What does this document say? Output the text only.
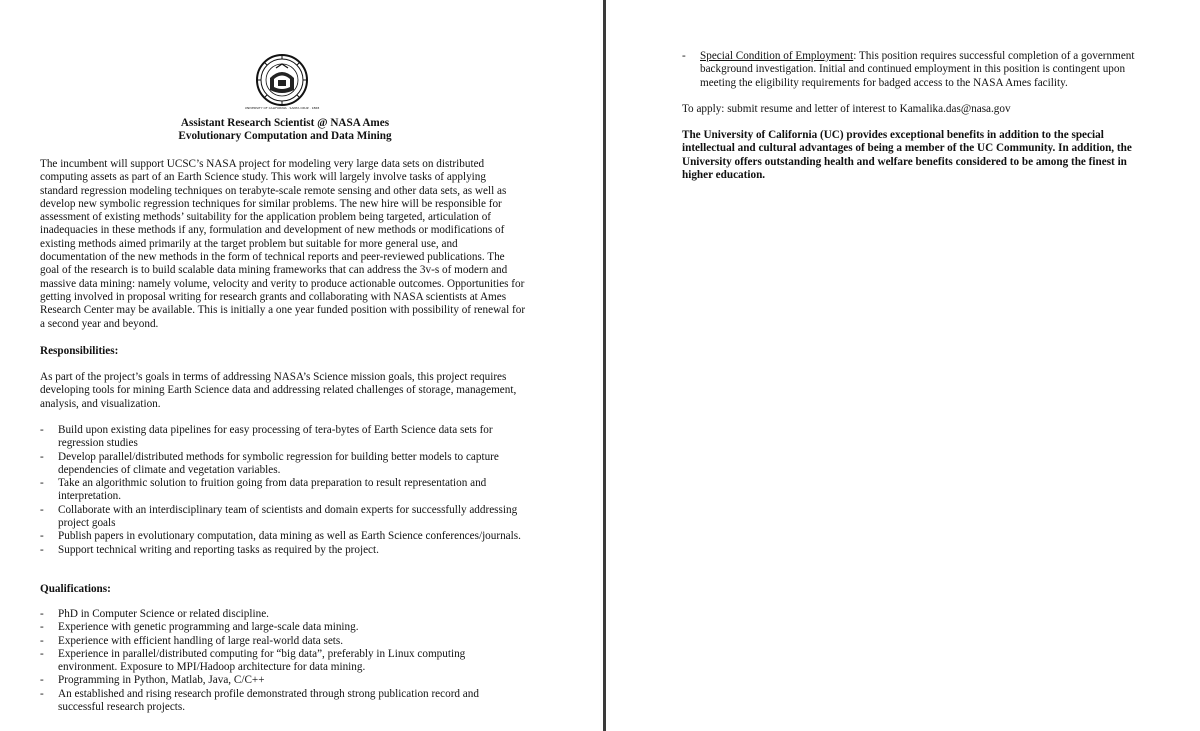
UNIVERSITY OF CALIFORNIA · SANTA CRUZ · 1868
Assistant Research Scientist @ NASA Ames
Evolutionary Computation and Data Mining
The incumbent will support UCSC’s NASA project for modeling very large data sets on distributed computing assets as part of an Earth Science study. This work will largely involve tasks of applying standard regression modeling techniques on terabyte-scale remote sensing and other data sets, as well as develop new symbolic regression techniques for similar problems. The new hire will be responsible for assessment of existing methods’ suitability for the application problem being targeted, articulation of inadequacies in these methods if any, formulation and development of new methods or modifications of existing methods aimed primarily at the target problem but suitable for more general use, and documentation of the new methods in the form of technical reports and peer-reviewed publications. The goal of the research is to build scalable data mining frameworks that can address the 3v-s of modern and massive data mining: namely volume, velocity and verity to produce actionable outcomes. Opportunities for getting involved in proposal writing for research grants and collaborating with NASA scientists at Ames Research Center may be available. This is initially a one year funded position with possibility of renewal for a second year and beyond.
Responsibilities:
As part of the project’s goals in terms of addressing NASA’s Science mission goals, this project requires developing tools for mining Earth Science data and addressing related challenges of storage, management, analysis, and visualization.
- Build upon existing data pipelines for easy processing of tera-bytes of Earth Science data sets for regression studies
- Develop parallel/distributed methods for symbolic regression for building better models to capture dependencies of climate and vegetation variables.
- Take an algorithmic solution to fruition going from data preparation to result representation and interpretation.
- Collaborate with an interdisciplinary team of scientists and domain experts for successfully addressing project goals
- Publish papers in evolutionary computation, data mining as well as Earth Science conferences/journals.
- Support technical writing and reporting tasks as required by the project.
Qualifications:
- PhD in Computer Science or related discipline.
- Experience with genetic programming and large-scale data mining.
- Experience with efficient handling of large real-world data sets.
- Experience in parallel/distributed computing for “big data”, preferably in Linux computing environment. Exposure to MPI/Hadoop architecture for data mining.
- Programming in Python, Matlab, Java, C/C++
- An established and rising research profile demonstrated through strong publication record and successful research projects.
-	Special Condition of Employment: This position requires successful completion of a government background investigation. Initial and continued employment in this position is contingent upon meeting the eligibility requirements for badged access to the NASA Ames facility.
To apply: submit resume and letter of interest to Kamalika.das@nasa.gov
The University of California (UC) provides exceptional benefits in addition to the special intellectual and cultural advantages of being a member of the UC Community. In addition, the University offers outstanding health and welfare benefits considered to be among the finest in higher education.
